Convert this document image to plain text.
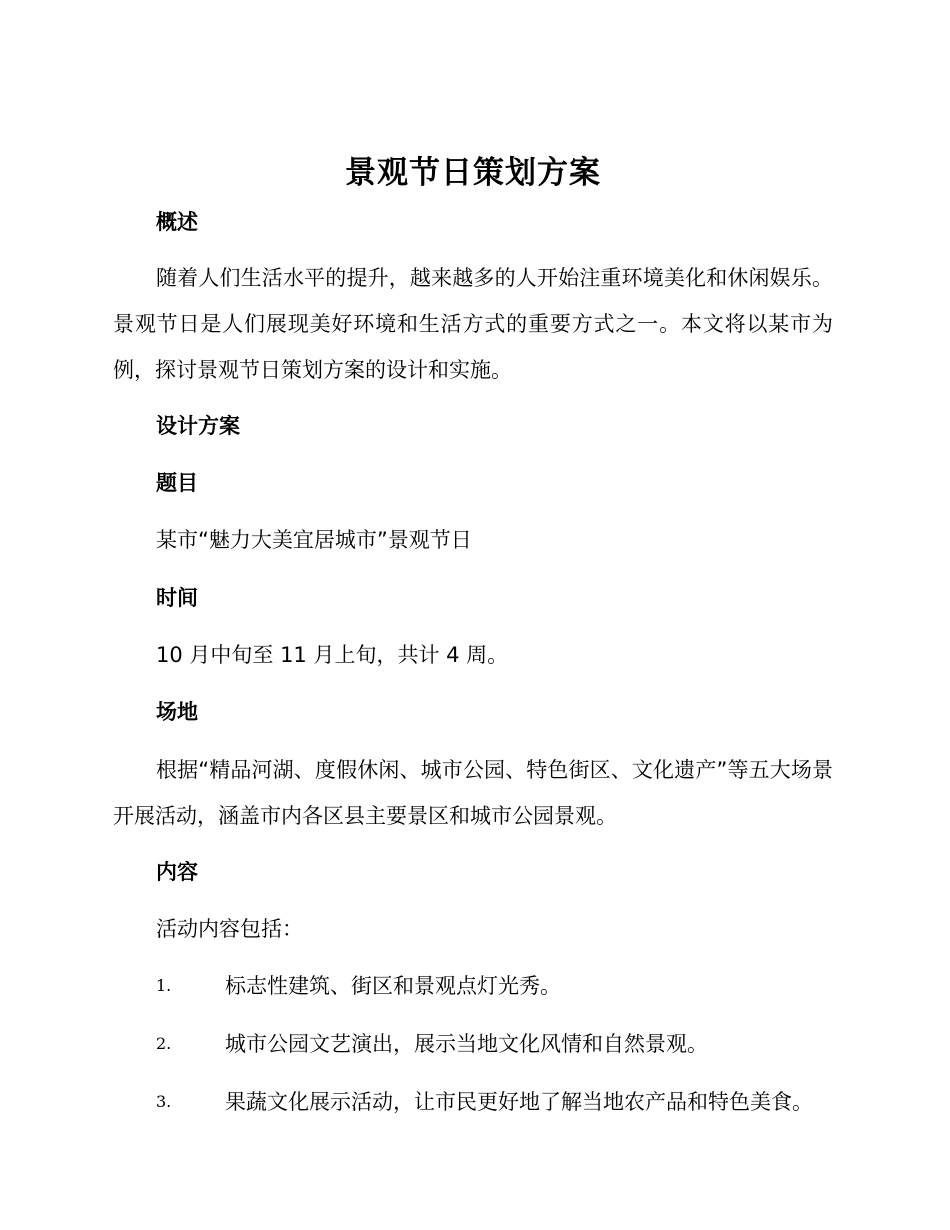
景观节日策划方案
概述
随着人们生活水平的提升，越来越多的人开始注重环境美化和休闲娱乐。景观节日是人们展现美好环境和生活方式的重要方式之一。本文将以某市为例，探讨景观节日策划方案的设计和实施。
设计方案
题目
某市“魅力大美宜居城市”景观节日
时间
10 月中旬至 11 月上旬，共计 4 周。
场地
根据“精品河湖、度假休闲、城市公园、特色街区、文化遗产”等五大场景开展活动，涵盖市内各区县主要景区和城市公园景观。
内容
活动内容包括：
1.	标志性建筑、街区和景观点灯光秀。
2.	城市公园文艺演出，展示当地文化风情和自然景观。
3.	果蔬文化展示活动，让市民更好地了解当地农产品和特色美食。
